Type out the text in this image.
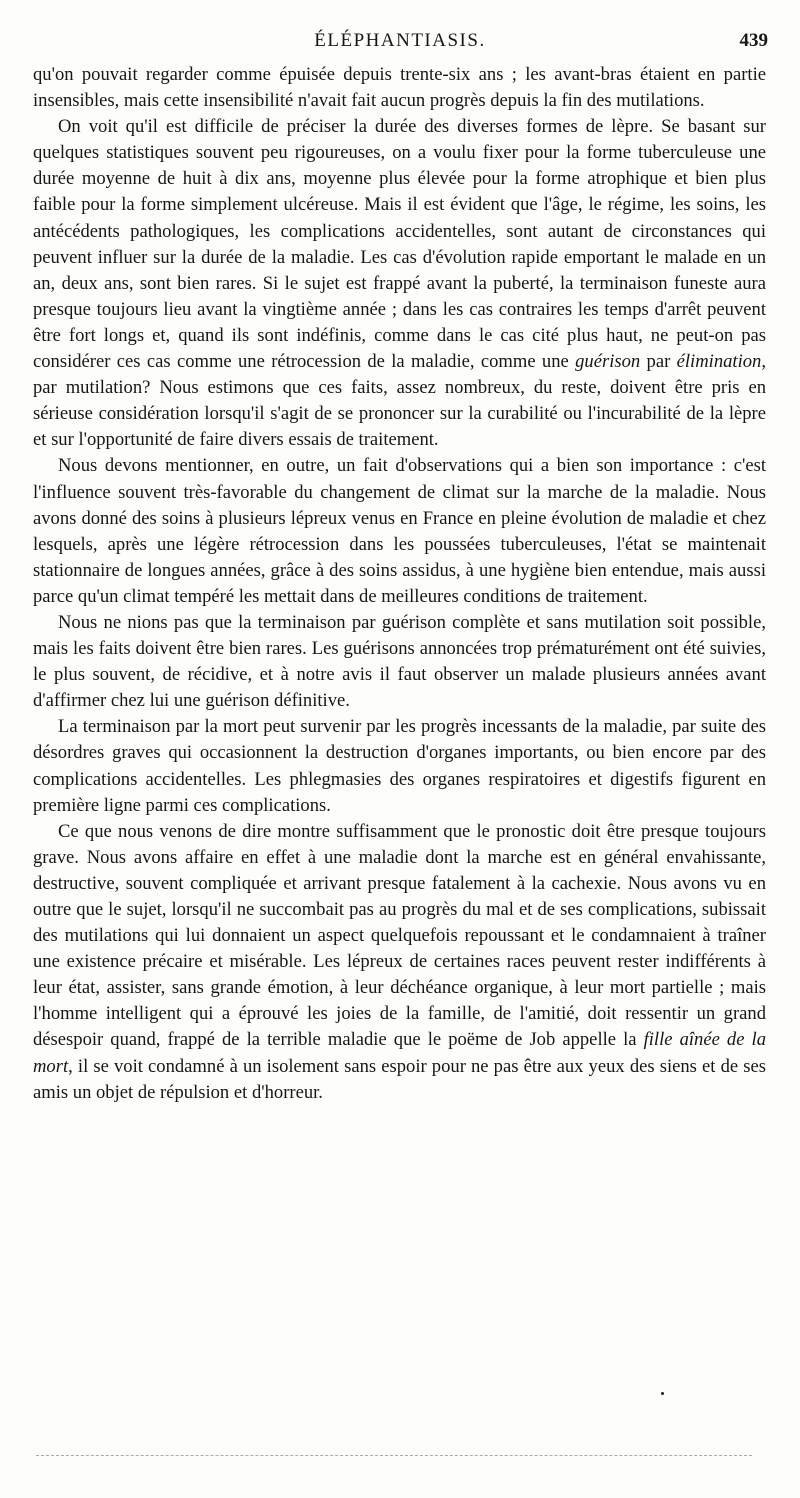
ÉLÉPHANTIASIS.	439

qu'on pouvait regarder comme épuisée depuis trente-six ans ; les avant-bras étaient en partie insensibles, mais cette insensibilité n'avait fait aucun progrès depuis la fin des mutilations.

On voit qu'il est difficile de préciser la durée des diverses formes de lèpre. Se basant sur quelques statistiques souvent peu rigoureuses, on a voulu fixer pour la forme tuberculeuse une durée moyenne de huit à dix ans, moyenne plus élevée pour la forme atrophique et bien plus faible pour la forme simplement ulcéreuse. Mais il est évident que l'âge, le régime, les soins, les antécédents pathologiques, les complications accidentelles, sont autant de circonstances qui peuvent influer sur la durée de la maladie. Les cas d'évolution rapide emportant le malade en un an, deux ans, sont bien rares. Si le sujet est frappé avant la puberté, la terminaison funeste aura presque toujours lieu avant la vingtième année ; dans les cas contraires les temps d'arrêt peuvent être fort longs et, quand ils sont indéfinis, comme dans le cas cité plus haut, ne peut-on pas considérer ces cas comme une rétrocession de la maladie, comme une guérison par élimination, par mutilation? Nous estimons que ces faits, assez nombreux, du reste, doivent être pris en sérieuse considération lorsqu'il s'agit de se prononcer sur la curabilité ou l'incurabilité de la lèpre et sur l'opportunité de faire divers essais de traitement.

Nous devons mentionner, en outre, un fait d'observations qui a bien son importance : c'est l'influence souvent très-favorable du changement de climat sur la marche de la maladie. Nous avons donné des soins à plusieurs lépreux venus en France en pleine évolution de maladie et chez lesquels, après une légère rétrocession dans les poussées tuberculeuses, l'état se maintenait stationnaire de longues années, grâce à des soins assidus, à une hygiène bien entendue, mais aussi parce qu'un climat tempéré les mettait dans de meilleures conditions de traitement.

Nous ne nions pas que la terminaison par guérison complète et sans mutilation soit possible, mais les faits doivent être bien rares. Les guérisons annoncées trop prématurément ont été suivies, le plus souvent, de récidive, et à notre avis il faut observer un malade plusieurs années avant d'affirmer chez lui une guérison définitive.

La terminaison par la mort peut survenir par les progrès incessants de la maladie, par suite des désordres graves qui occasionnent la destruction d'organes importants, ou bien encore par des complications accidentelles. Les phlegmasies des organes respiratoires et digestifs figurent en première ligne parmi ces complications.

Ce que nous venons de dire montre suffisamment que le pronostic doit être presque toujours grave. Nous avons affaire en effet à une maladie dont la marche est en général envahissante, destructive, souvent compliquée et arrivant presque fatalement à la cachexie. Nous avons vu en outre que le sujet, lorsqu'il ne succombait pas au progrès du mal et de ses complications, subissait des mutilations qui lui donnaient un aspect quelquefois repoussant et le condamnaient à traîner une existence précaire et misérable. Les lépreux de certaines races peuvent rester indifférents à leur état, assister, sans grande émotion, à leur déchéance organique, à leur mort partielle ; mais l'homme intelligent qui a éprouvé les joies de la famille, de l'amitié, doit ressentir un grand désespoir quand, frappé de la terrible maladie que le poëme de Job appelle la fille aînée de la mort, il se voit condamné à un isolement sans espoir pour ne pas être aux yeux des siens et de ses amis un objet de répulsion et d'horreur.
